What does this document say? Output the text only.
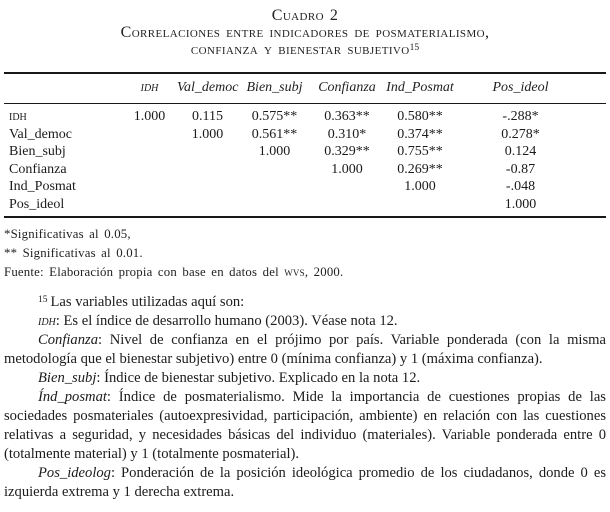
Cuadro 2
Correlaciones entre indicadores de posmaterialismo,
confianza y bienestar subjetivo$^{15}$
	idh	Val_democ	Bien_subj	Confianza	Ind_Posmat	Pos_ideol
idh	1.000	0.115	0.575**	0.363**	0.580**	-.288*
Val_democ		1.000	0.561**	0.310*	0.374**	0.278*
Bien_subj			1.000	0.329**	0.755**	0.124
Confianza				1.000	0.269**	-0.87
Ind_Posmat					1.000	-.048
Pos_ideol						1.000
*Significativas al 0.05,
** Significativas al 0.01.
Fuente: Elaboración propia con base en datos del wvs, 2000.

$^{15}$ Las variables utilizadas aquí son:

idh: Es el índice de desarrollo humano (2003). Véase nota 12.

Confianza: Nivel de confianza en el prójimo por país. Variable ponderada (con la misma metodología que el bienestar subjetivo) entre 0 (mínima confianza) y 1 (máxima confianza).

Bien_subj: Índice de bienestar subjetivo. Explicado en la nota 12.

Índ_posmat: Índice de posmaterialismo. Mide la importancia de cuestiones propias de las sociedades posmateriales (autoexpresividad, participación, ambiente) en relación con las cuestiones relativas a seguridad, y necesidades básicas del individuo (materiales). Variable ponderada entre 0 (totalmente material) y 1 (totalmente posmaterial).

Pos_ideolog: Ponderación de la posición ideológica promedio de los ciudadanos, donde 0 es izquierda extrema y 1 derecha extrema.
